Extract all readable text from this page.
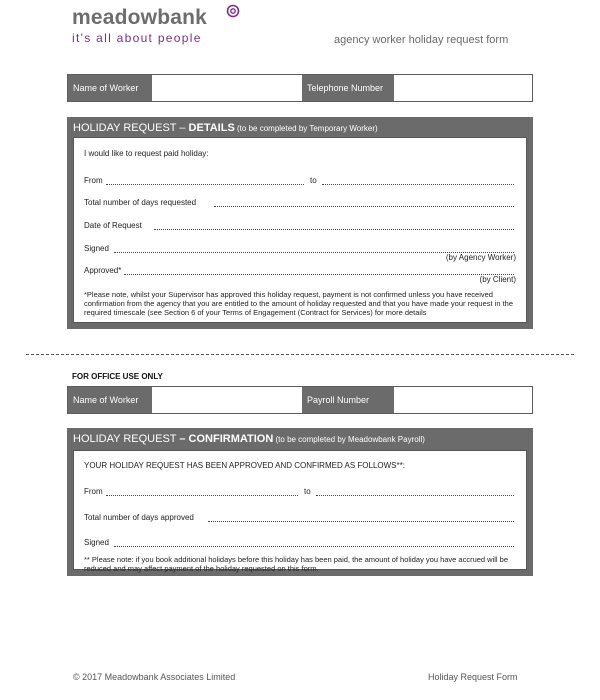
meadowbank
it's all about people	agency worker holiday request form
Name of Worker	Telephone Number
HOLIDAY REQUEST – DETAILS (to be completed by Temporary Worker)
I would like to request paid holiday:
From	to
Total number of days requested
Date of Request
Signed
(by Agency Worker)
Approved*
(by Client)
*Please note, whilst your Supervisor has approved this holiday request, payment is not confirmed unless you have received confirmation from the agency that you are entitled to the amount of holiday requested and that you have made your request in the required timescale (see Section 6 of your Terms of Engagement (Contract for Services) for more details
FOR OFFICE USE ONLY
Name of Worker	Payroll Number
HOLIDAY REQUEST – CONFIRMATION (to be completed by Meadowbank Payroll)
YOUR HOLIDAY REQUEST HAS BEEN APPROVED AND CONFIRMED AS FOLLOWS**:
From	to
Total number of days approved
Signed
** Please note: if you book additional holidays before this holiday has been paid, the amount of holiday you have accrued will be reduced and may affect payment of the holiday requested on this form.
© 2017 Meadowbank Associates Limited	Holiday Request Form
